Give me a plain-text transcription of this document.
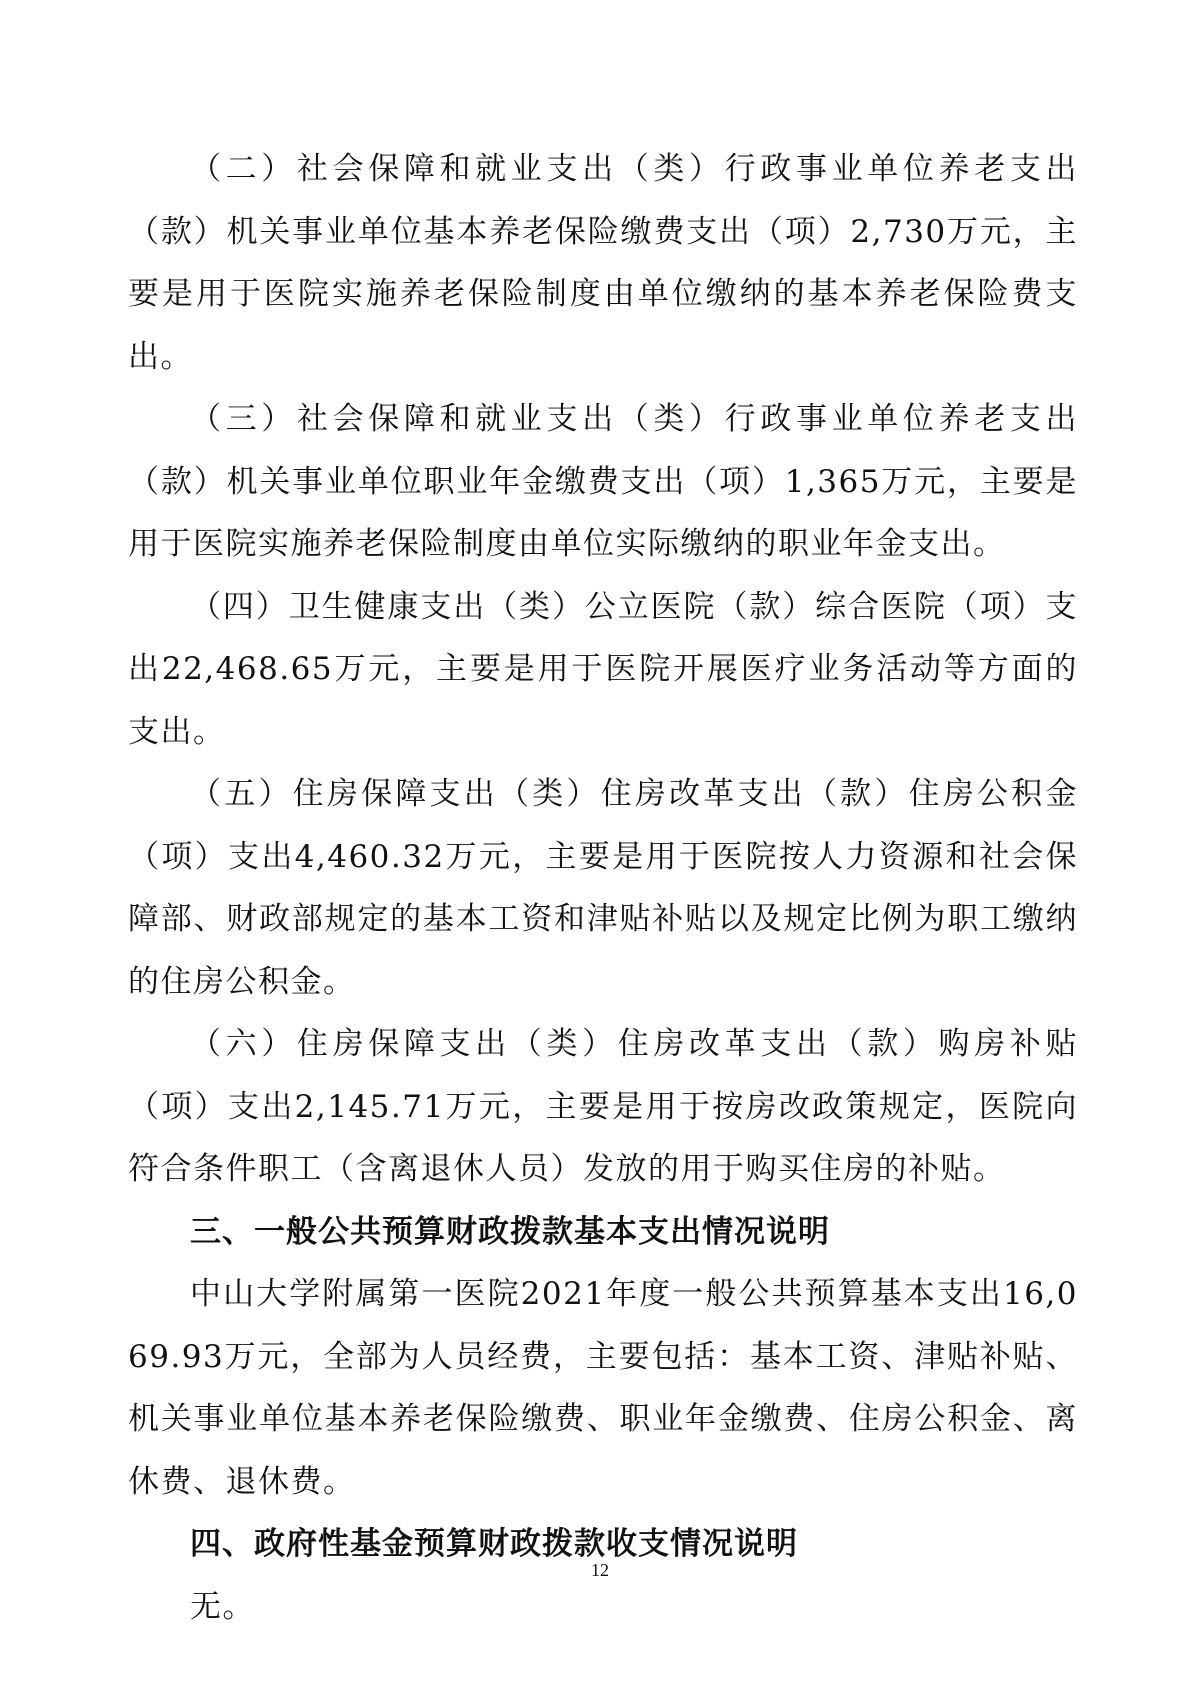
（二）社会保障和就业支出（类）行政事业单位养老支出（款）机关事业单位基本养老保险缴费支出（项）2,730万元，主要是用于医院实施养老保险制度由单位缴纳的基本养老保险费支出。

（三）社会保障和就业支出（类）行政事业单位养老支出（款）机关事业单位职业年金缴费支出（项）1,365万元，主要是用于医院实施养老保险制度由单位实际缴纳的职业年金支出。

（四）卫生健康支出（类）公立医院（款）综合医院（项）支出22,468.65万元，主要是用于医院开展医疗业务活动等方面的支出。

（五）住房保障支出（类）住房改革支出（款）住房公积金（项）支出4,460.32万元，主要是用于医院按人力资源和社会保障部、财政部规定的基本工资和津贴补贴以及规定比例为职工缴纳的住房公积金。

（六）住房保障支出（类）住房改革支出（款）购房补贴（项）支出2,145.71万元，主要是用于按房改政策规定，医院向符合条件职工（含离退休人员）发放的用于购买住房的补贴。

三、一般公共预算财政拨款基本支出情况说明

中山大学附属第一医院2021年度一般公共预算基本支出16,069.93万元，全部为人员经费，主要包括：基本工资、津贴补贴、机关事业单位基本养老保险缴费、职业年金缴费、住房公积金、离休费、退休费。

四、政府性基金预算财政拨款收支情况说明

无。

12
